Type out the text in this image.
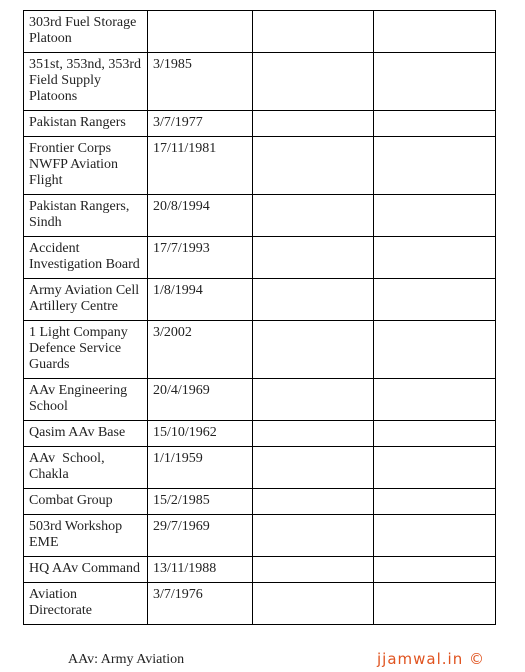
303rd Fuel Storage Platoon			
351st, 353nd, 353rd Field Supply Platoons	3/1985		
Pakistan Rangers	3/7/1977		
Frontier Corps NWFP Aviation Flight	17/11/1981		
Pakistan Rangers, Sindh	20/8/1994		
Accident Investigation Board	17/7/1993		
Army Aviation Cell Artillery Centre	1/8/1994		
1 Light Company Defence Service Guards	3/2002		
AAv Engineering School	20/4/1969		
Qasim AAv Base	15/10/1962		
AAv  School, Chakla	1/1/1959		
Combat Group	15/2/1985		
503rd Workshop EME	29/7/1969		
HQ AAv Command	13/11/1988		
Aviation Directorate	3/7/1976		
AAv: Army Aviation	jjamwal.in ©
